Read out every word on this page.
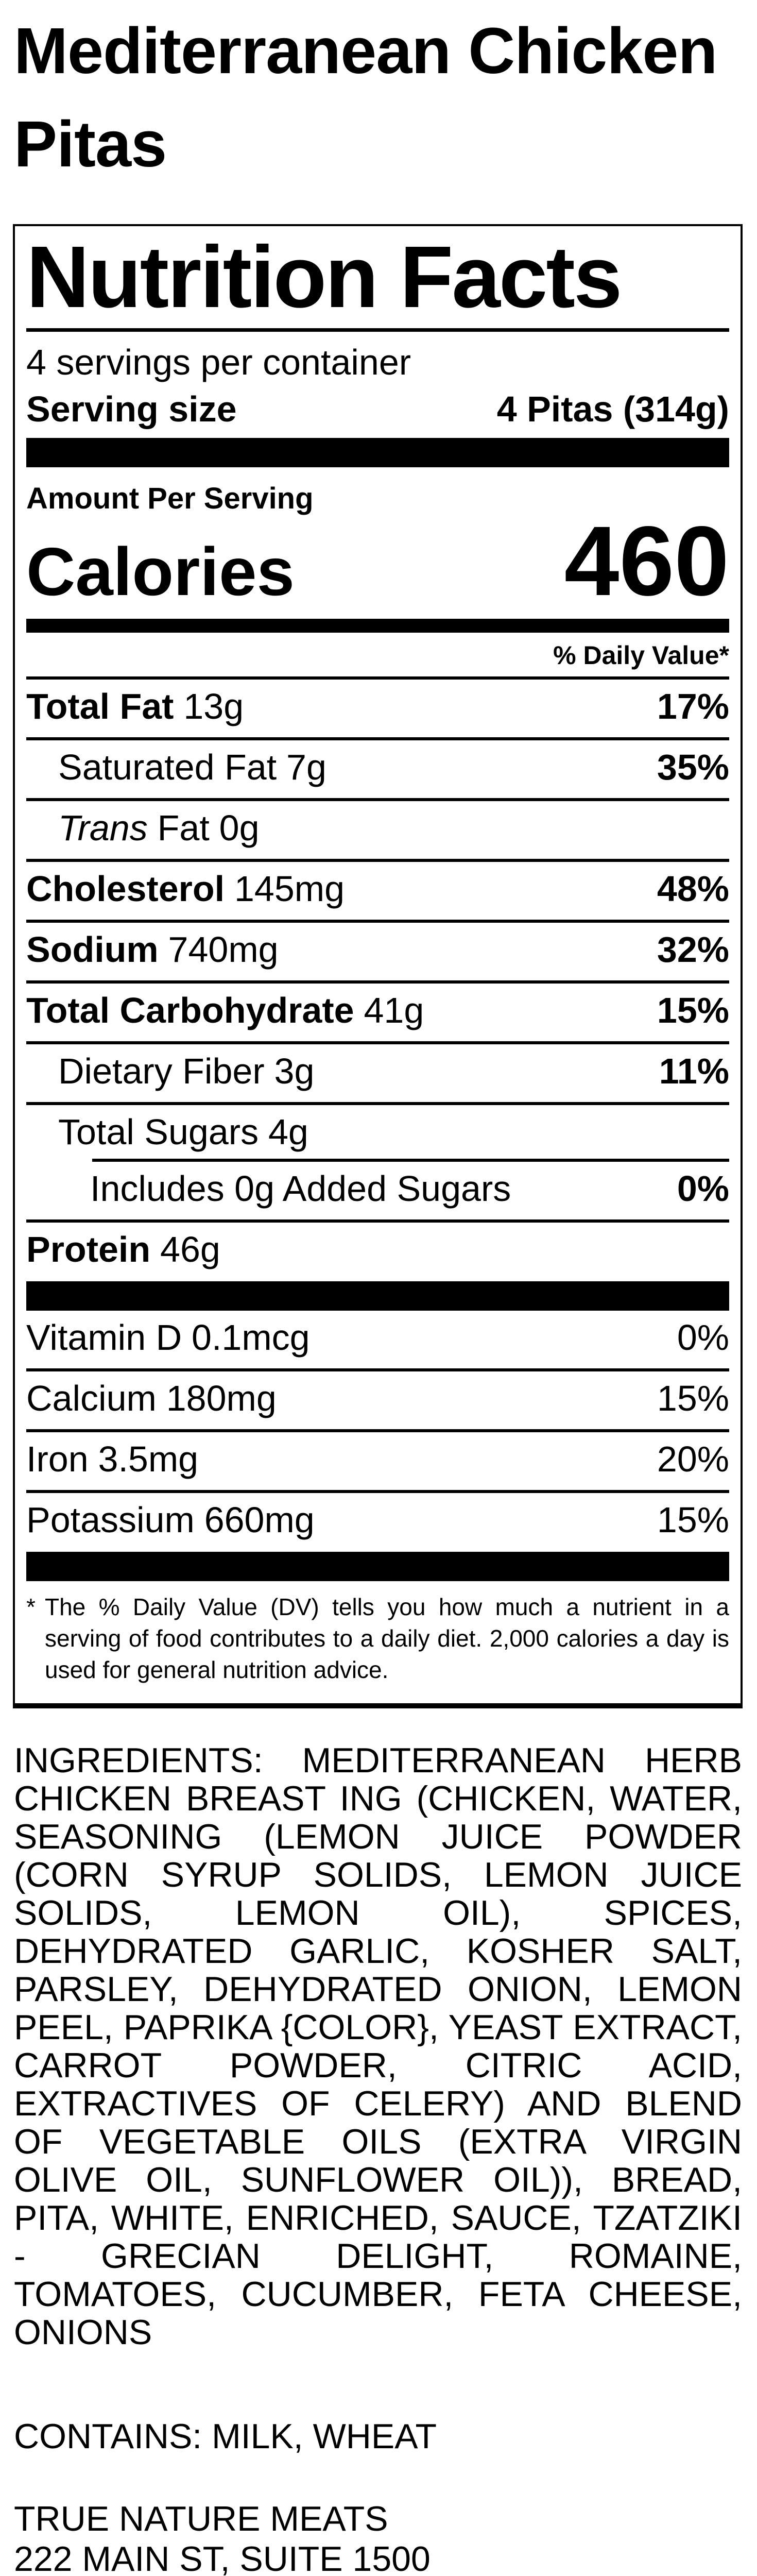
Mediterranean Chicken Pitas
Nutrition Facts
4 servings per container
Serving size	4 Pitas (314g)
Amount Per Serving
Calories	460
% Daily Value*
Total Fat 13g	17%
Saturated Fat 7g	35%
Trans Fat 0g
Cholesterol 145mg	48%
Sodium 740mg	32%
Total Carbohydrate 41g	15%
Dietary Fiber 3g	11%
Total Sugars 4g
Includes 0g Added Sugars	0%
Protein 46g
Vitamin D 0.1mcg	0%
Calcium 180mg	15%
Iron 3.5mg	20%
Potassium 660mg	15%
* The % Daily Value (DV) tells you how much a nutrient in a serving of food contributes to a daily diet. 2,000 calories a day is used for general nutrition advice.

INGREDIENTS: MEDITERRANEAN HERB CHICKEN BREAST ING (CHICKEN, WATER, SEASONING (LEMON JUICE POWDER (CORN SYRUP SOLIDS, LEMON JUICE SOLIDS, LEMON OIL), SPICES, DEHYDRATED GARLIC, KOSHER SALT, PARSLEY, DEHYDRATED ONION, LEMON PEEL, PAPRIKA {COLOR}, YEAST EXTRACT, CARROT POWDER, CITRIC ACID, EXTRACTIVES OF CELERY) AND BLEND OF VEGETABLE OILS (EXTRA VIRGIN OLIVE OIL, SUNFLOWER OIL)), BREAD, PITA, WHITE, ENRICHED, SAUCE, TZATZIKI - GRECIAN DELIGHT, ROMAINE, TOMATOES, CUCUMBER, FETA CHEESE, ONIONS

CONTAINS: MILK, WHEAT

TRUE NATURE MEATS
222 MAIN ST, SUITE 1500
